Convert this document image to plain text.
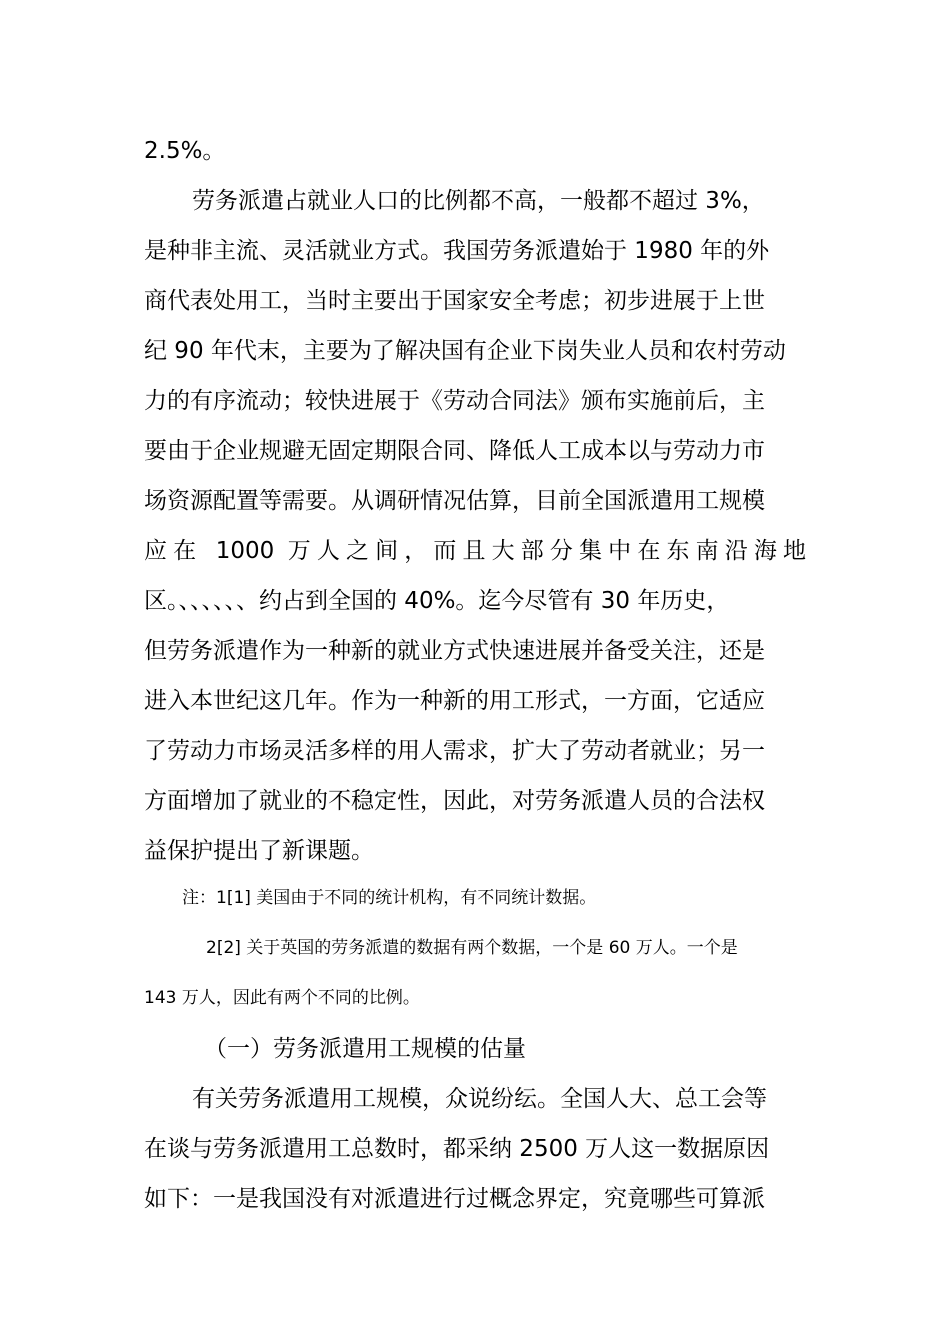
2.5%。
劳务派遣占就业人口的比例都不高，一般都不超过 3%，
是种非主流、灵活就业方式。我国劳务派遣始于 1980 年的外
商代表处用工，当时主要出于国家安全考虑；初步进展于上世
纪 90 年代末，主要为了解决国有企业下岗失业人员和农村劳动
力的有序流动；较快进展于《劳动合同法》颁布实施前后，主
要由于企业规避无固定期限合同、降低人工成本以与劳动力市
场资源配置等需要。从调研情况估算，目前全国派遣用工规模
应在 1000 万人之间，而且大部分集中在东南沿海地
区。、、、、、、约占到全国的 40%。迄今尽管有 30 年历史，
但劳务派遣作为一种新的就业方式快速进展并备受关注，还是
进入本世纪这几年。作为一种新的用工形式，一方面，它适应
了劳动力市场灵活多样的用人需求，扩大了劳动者就业；另一
方面增加了就业的不稳定性，因此，对劳务派遣人员的合法权
益保护提出了新课题。
注：1[1] 美国由于不同的统计机构，有不同统计数据。
2[2] 关于英国的劳务派遣的数据有两个数据，一个是 60 万人。一个是
143 万人，因此有两个不同的比例。
（一）劳务派遣用工规模的估量
有关劳务派遣用工规模，众说纷纭。全国人大、总工会等
在谈与劳务派遣用工总数时，都采纳 2500 万人这一数据原因
如下：一是我国没有对派遣进行过概念界定，究竟哪些可算派
